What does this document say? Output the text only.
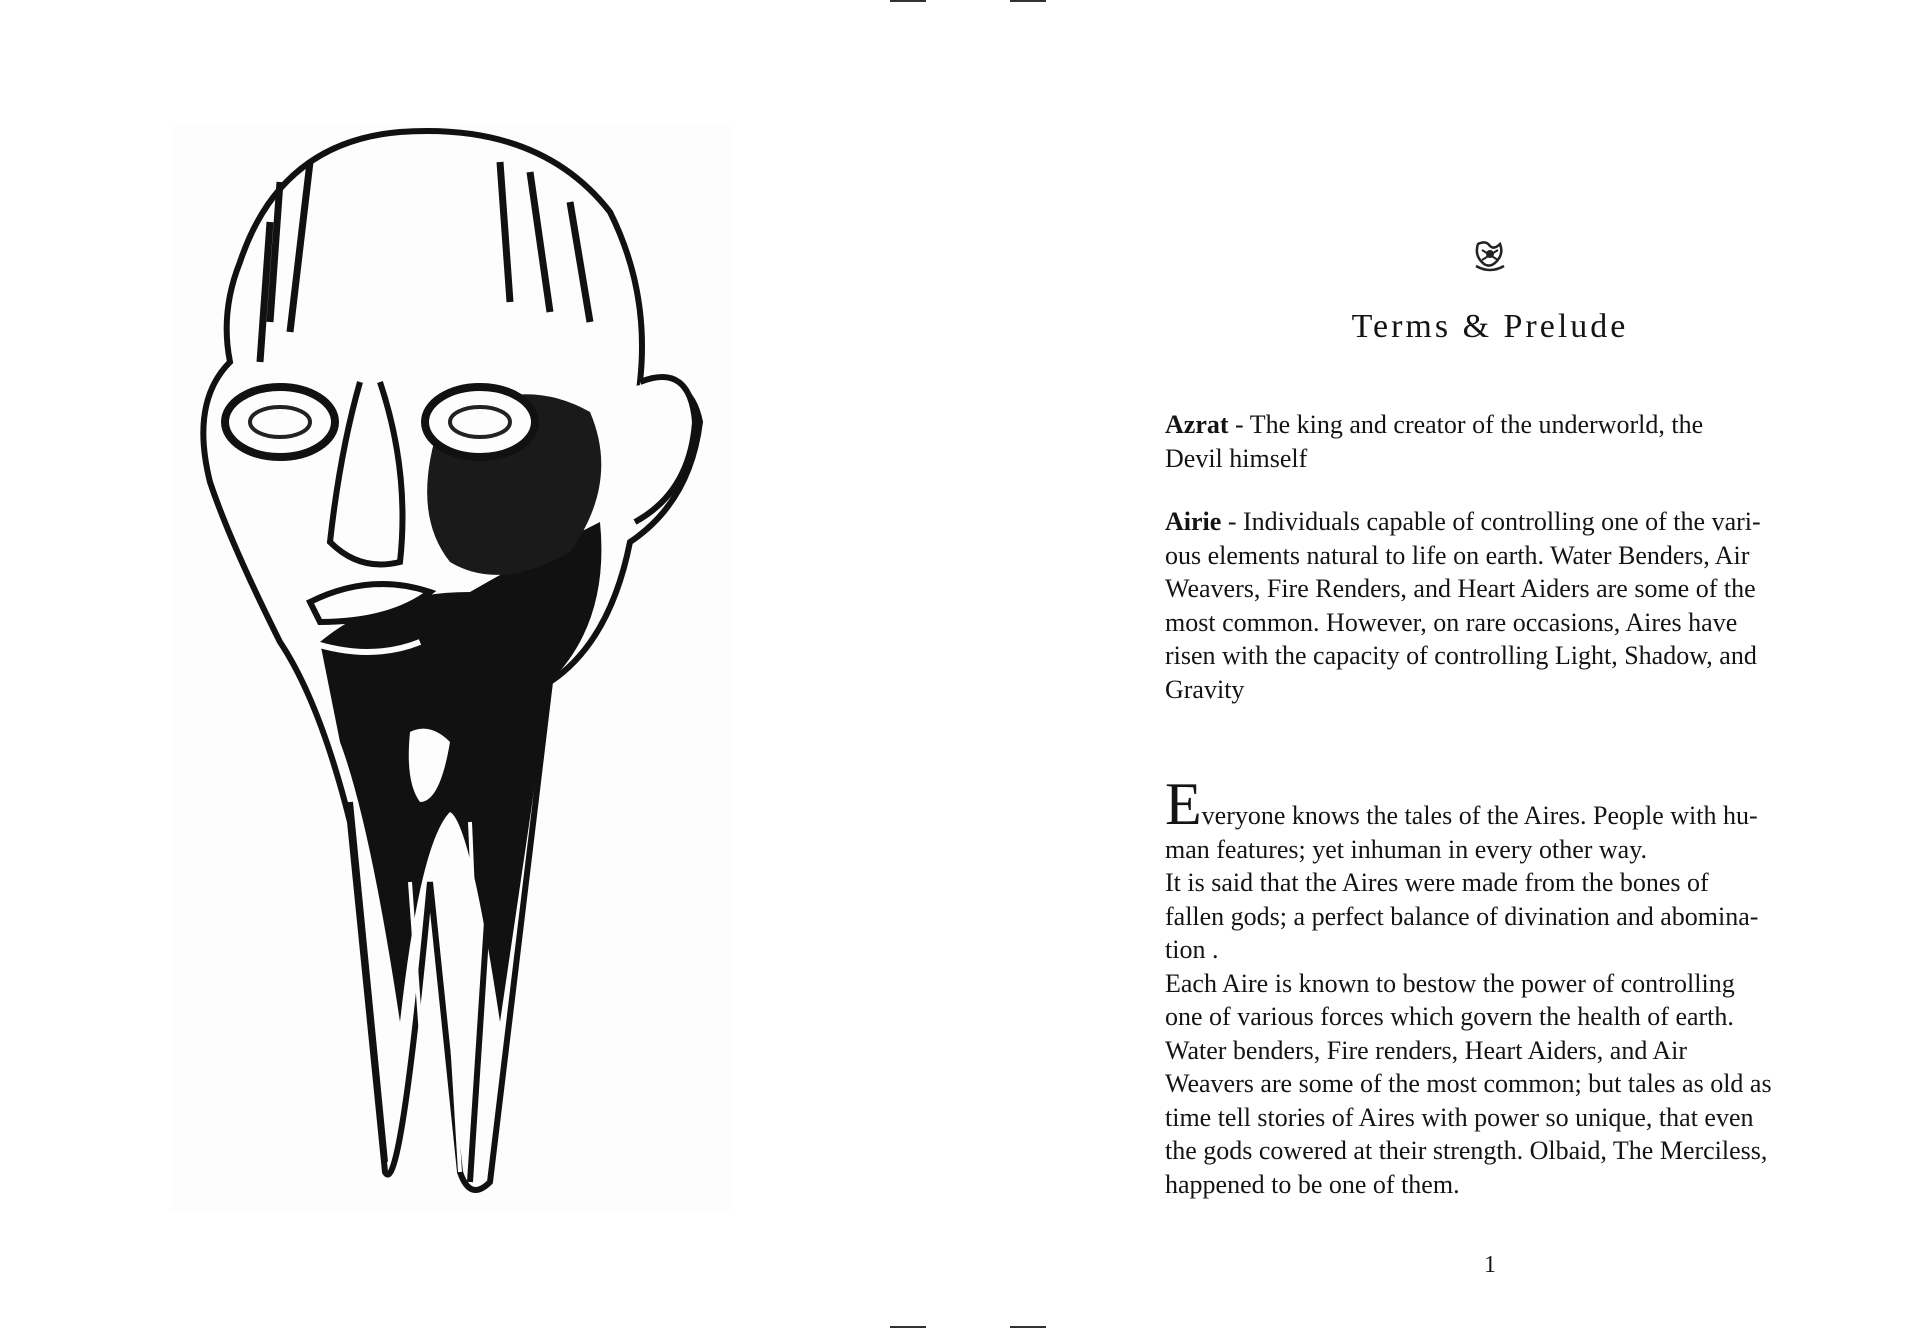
Terms & Prelude

Azrat - The king and creator of the underworld, the
Devil himself

Airie - Individuals capable of controlling one of the vari-
ous elements natural to life on earth. Water Benders, Air
Weavers, Fire Renders, and Heart Aiders are some of the
most common. However, on rare occasions, Aires have
risen with the capacity of controlling Light, Shadow, and
Gravity

Everyone knows the tales of the Aires. People with hu-
man features; yet inhuman in every other way.
It is said that the Aires were made from the bones of
fallen gods; a perfect balance of divination and abomina-
tion .
Each Aire is known to bestow the power of controlling
one of various forces which govern the health of earth.
Water benders, Fire renders, Heart Aiders, and Air
Weavers are some of the most common; but tales as old as
time tell stories of Aires with power so unique, that even
the gods cowered at their strength. Olbaid, The Merciless,
happened to be one of them.
1
